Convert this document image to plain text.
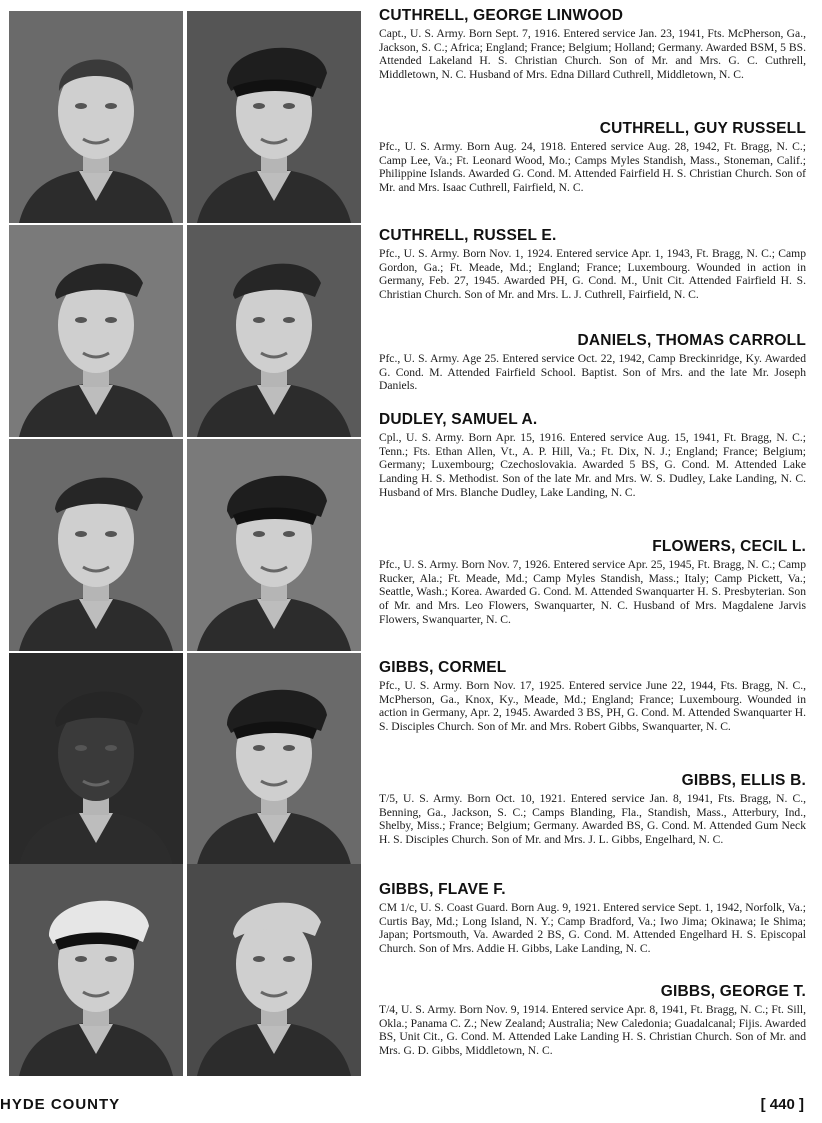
CUTHRELL, GEORGE LINWOOD
Capt., U. S. Army. Born Sept. 7, 1916. Entered service Jan. 23, 1941, Fts. McPherson, Ga., Jackson, S. C.; Africa; England; France; Belgium; Holland; Germany. Awarded BSM, 5 BS. Attended Lakeland H. S. Christian Church. Son of Mr. and Mrs. G. C. Cuthrell, Middletown, N. C. Husband of Mrs. Edna Dillard Cuthrell, Middletown, N. C.
CUTHRELL, GUY RUSSELL
Pfc., U. S. Army. Born Aug. 24, 1918. Entered service Aug. 28, 1942, Ft. Bragg, N. C.; Camp Lee, Va.; Ft. Leonard Wood, Mo.; Camps Myles Standish, Mass., Stoneman, Calif.; Philippine Islands. Awarded G. Cond. M. Attended Fairfield H. S. Christian Church. Son of Mr. and Mrs. Isaac Cuthrell, Fairfield, N. C.
CUTHRELL, RUSSEL E.
Pfc., U. S. Army. Born Nov. 1, 1924. Entered service Apr. 1, 1943, Ft. Bragg, N. C.; Camp Gordon, Ga.; Ft. Meade, Md.; England; France; Luxembourg. Wounded in action in Germany, Feb. 27, 1945. Awarded PH, G. Cond. M., Unit Cit. Attended Fairfield H. S. Christian Church. Son of Mr. and Mrs. L. J. Cuthrell, Fairfield, N. C.
DANIELS, THOMAS CARROLL
Pfc., U. S. Army. Age 25. Entered service Oct. 22, 1942, Camp Breckinridge, Ky. Awarded G. Cond. M. Attended Fairfield School. Baptist. Son of Mrs. and the late Mr. Joseph Daniels.
DUDLEY, SAMUEL A.
Cpl., U. S. Army. Born Apr. 15, 1916. Entered service Aug. 15, 1941, Ft. Bragg, N. C.; Tenn.; Fts. Ethan Allen, Vt., A. P. Hill, Va.; Ft. Dix, N. J.; England; France; Belgium; Germany; Luxembourg; Czechoslovakia. Awarded 5 BS, G. Cond. M. Attended Lake Landing H. S. Methodist. Son of the late Mr. and Mrs. W. S. Dudley, Lake Landing, N. C. Husband of Mrs. Blanche Dudley, Lake Landing, N. C.
FLOWERS, CECIL L.
Pfc., U. S. Army. Born Nov. 7, 1926. Entered service Apr. 25, 1945, Ft. Bragg, N. C.; Camp Rucker, Ala.; Ft. Meade, Md.; Camp Myles Standish, Mass.; Italy; Camp Pickett, Va.; Seattle, Wash.; Korea. Awarded G. Cond. M. Attended Swanquarter H. S. Presbyterian. Son of Mr. and Mrs. Leo Flowers, Swanquarter, N. C. Husband of Mrs. Magdalene Jarvis Flowers, Swanquarter, N. C.
GIBBS, CORMEL
Pfc., U. S. Army. Born Nov. 17, 1925. Entered service June 22, 1944, Fts. Bragg, N. C., McPherson, Ga., Knox, Ky., Meade, Md.; England; France; Luxembourg. Wounded in action in Germany, Apr. 2, 1945. Awarded 3 BS, PH, G. Cond. M. Attended Swanquarter H. S. Disciples Church. Son of Mr. and Mrs. Robert Gibbs, Swanquarter, N. C.
GIBBS, ELLIS B.
T/5, U. S. Army. Born Oct. 10, 1921. Entered service Jan. 8, 1941, Fts. Bragg, N. C., Benning, Ga., Jackson, S. C.; Camps Blanding, Fla., Standish, Mass., Atterbury, Ind., Shelby, Miss.; France; Belgium; Germany. Awarded BS, G. Cond. M. Attended Gum Neck H. S. Disciples Church. Son of Mr. and Mrs. J. L. Gibbs, Engelhard, N. C.
GIBBS, FLAVE F.
CM 1/c, U. S. Coast Guard. Born Aug. 9, 1921. Entered service Sept. 1, 1942, Norfolk, Va.; Curtis Bay, Md.; Long Island, N. Y.; Camp Bradford, Va.; Iwo Jima; Okinawa; Ie Shima; Japan; Portsmouth, Va. Awarded 2 BS, G. Cond. M. Attended Engelhard H. S. Episcopal Church. Son of Mrs. Addie H. Gibbs, Lake Landing, N. C.
GIBBS, GEORGE T.
T/4, U. S. Army. Born Nov. 9, 1914. Entered service Apr. 8, 1941, Ft. Bragg, N. C.; Ft. Sill, Okla.; Panama C. Z.; New Zealand; Australia; New Caledonia; Guadalcanal; Fijis. Awarded BS, Unit Cit., G. Cond. M. Attended Lake Landing H. S. Christian Church. Son of Mr. and Mrs. G. D. Gibbs, Middletown, N. C.
HYDE COUNTY	[ 440 ]
